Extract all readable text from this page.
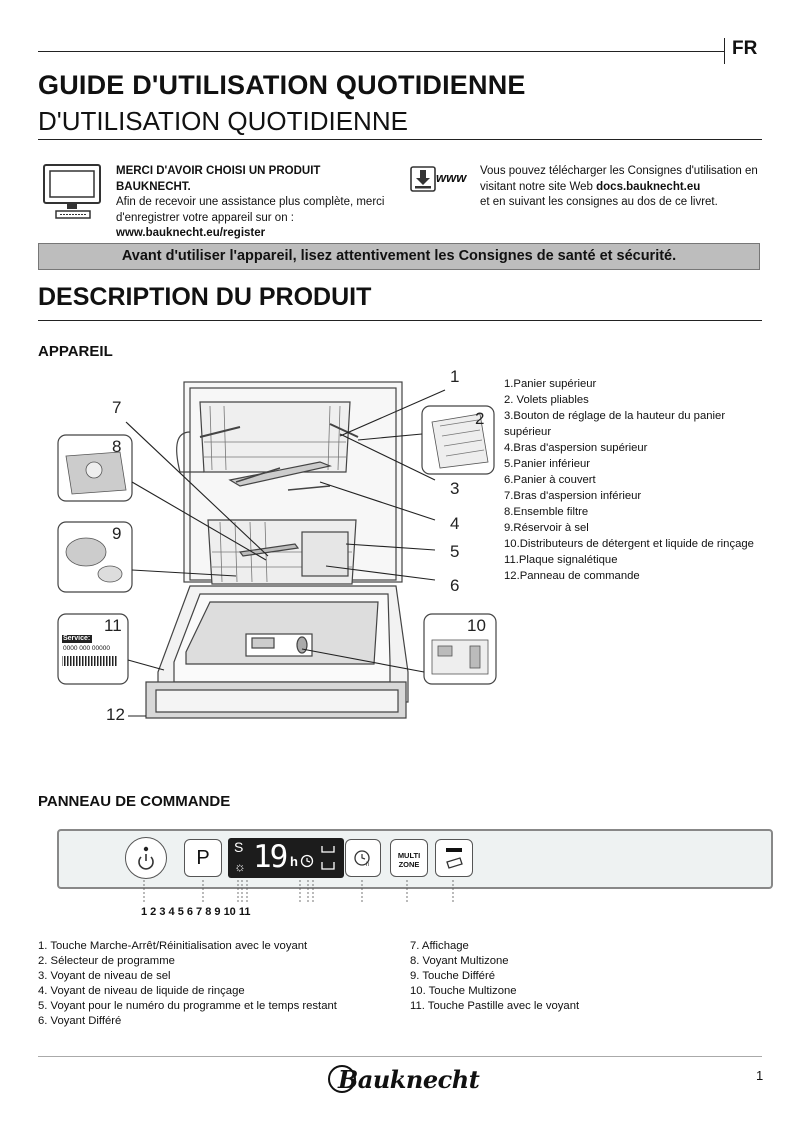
FR
GUIDE D'UTILISATION QUOTIDIENNE
D'UTILISATION QUOTIDIENNE
MERCI D'AVOIR CHOISI UN PRODUIT BAUKNECHT.
Afin de recevoir une assistance plus complète, merci
d'enregistrer votre appareil sur on :
www.bauknecht.eu/register
www Vous pouvez télécharger les Consignes d'utilisation en
visitant notre site Web docs.bauknecht.eu
et en suivant les consignes au dos de ce livret.
Avant d'utiliser l'appareil, lisez attentivement les Consignes de santé et sécurité.
DESCRIPTION DU PRODUIT
APPAREIL
Service:
0000 000 00000
1
2
3
4
5
6
7
8
9
10
11
12
1.Panier supérieur
2. Volets pliables
3.Bouton de réglage de la hauteur du panier
supérieur
4.Bras d'aspersion supérieur
5.Panier inférieur
6.Panier à couvert
7.Bras d'aspersion inférieur
8.Ensemble filtre
9.Réservoir à sel
10.Distributeurs de détergent et liquide de rinçage
11.Plaque signalétique
12.Panneau de commande
PANNEAU DE COMMANDE
P	S
☼ 19 h	h
MULTI
ZONE
1 2 3 4 5 6 7 8 9 10 11
1. Touche Marche-Arrêt/Réinitialisation avec le voyant
2. Sélecteur de programme
3. Voyant de niveau de sel
4. Voyant de niveau de liquide de rinçage
5. Voyant pour le numéro du programme et le temps restant
6. Voyant Différé
7. Affichage
8. Voyant Multizone
9. Touche Différé
10. Touche Multizone
11. Touche Pastille avec le voyant
Bauknecht	1
